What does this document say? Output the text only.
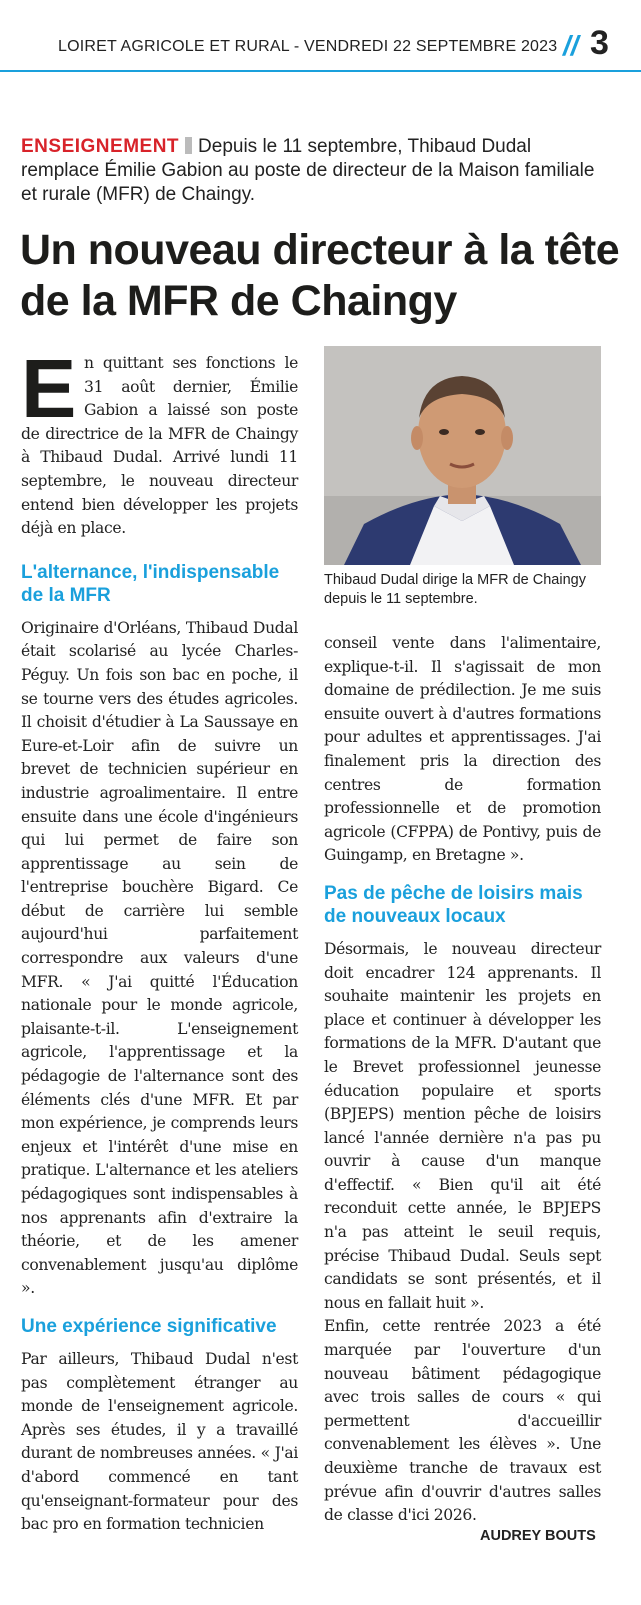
LOIRET AGRICOLE ET RURAL - VENDREDI 22 SEPTEMBRE 2023 // 3
ENSEIGNEMENT Depuis le 11 septembre, Thibaud Dudal remplace Émilie Gabion au poste de directeur de la Maison familiale et rurale (MFR) de Chaingy.
Un nouveau directeur à la tête de la MFR de Chaingy

En quittant ses fonctions le 31 août dernier, Émilie Gabion a laissé son poste de directrice de la MFR de Chaingy à Thibaud Dudal. Arrivé lundi 11 septembre, le nouveau directeur entend bien développer les projets déjà en place.

L'alternance, l'indispensable de la MFR

Originaire d'Orléans, Thibaud Dudal était scolarisé au lycée Charles-Péguy. Un fois son bac en poche, il se tourne vers des études agricoles. Il choisit d'étudier à La Saussaye en Eure-et-Loir afin de suivre un brevet de technicien supérieur en industrie agroalimentaire. Il entre ensuite dans une école d'ingénieurs qui lui permet de faire son apprentissage au sein de l'entreprise bouchère Bigard. Ce début de carrière lui semble aujourd'hui parfaitement correspondre aux valeurs d'une MFR. « J'ai quitté l'Éducation nationale pour le monde agricole, plaisante-t-il. L'enseignement agricole, l'apprentissage et la pédagogie de l'alternance sont des éléments clés d'une MFR. Et par mon expérience, je comprends leurs enjeux et l'intérêt d'une mise en pratique. L'alternance et les ateliers pédagogiques sont indispensables à nos apprenants afin d'extraire la théorie, et de les amener convenablement jusqu'au diplôme ».

Une expérience significative

Par ailleurs, Thibaud Dudal n'est pas complètement étranger au monde de l'enseignement agricole. Après ses études, il y a travaillé durant de nombreuses années. « J'ai d'abord commencé en tant qu'enseignant-formateur pour des bac pro en formation technicien

Thibaud Dudal dirige la MFR de Chaingy depuis le 11 septembre.

conseil vente dans l'alimentaire, explique-t-il. Il s'agissait de mon domaine de prédilection. Je me suis ensuite ouvert à d'autres formations pour adultes et apprentissages. J'ai finalement pris la direction des centres de formation professionnelle et de promotion agricole (CFPPA) de Pontivy, puis de Guingamp, en Bretagne ».

Pas de pêche de loisirs mais de nouveaux locaux

Désormais, le nouveau directeur doit encadrer 124 apprenants. Il souhaite maintenir les projets en place et continuer à développer les formations de la MFR. D'autant que le Brevet professionnel jeunesse éducation populaire et sports (BPJEPS) mention pêche de loisirs lancé l'année dernière n'a pas pu ouvrir à cause d'un manque d'effectif. « Bien qu'il ait été reconduit cette année, le BPJEPS n'a pas atteint le seuil requis, précise Thibaud Dudal. Seuls sept candidats se sont présentés, et il nous en fallait huit ».

Enfin, cette rentrée 2023 a été marquée par l'ouverture d'un nouveau bâtiment pédagogique avec trois salles de cours « qui permettent d'accueillir convenablement les élèves ». Une deuxième tranche de travaux est prévue afin d'ouvrir d'autres salles de classe d'ici 2026.

AUDREY BOUTS
